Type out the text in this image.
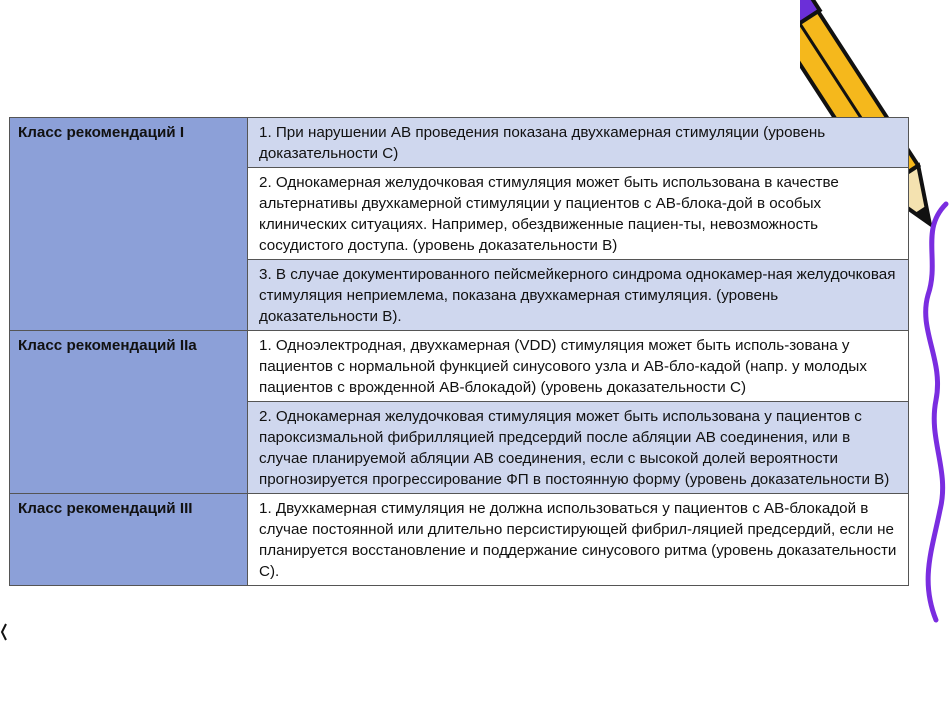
Класс рекомендаций I	1. При нарушении АВ проведения показана двухкамерная стимуляции (уровень доказательности С)
	2. Однокамерная желудочковая стимуляция может быть использована в качестве альтернативы двухкамерной стимуляции у пациентов с АВ-блока-дой в особых клинических ситуациях. Например, обездвиженные пациен-ты, невозможность сосудистого доступа. (уровень доказательности В)
	3. В случае документированного пейсмейкерного синдрома однокамер-ная желудочковая стимуляция неприемлема, показана двухкамерная стимуляция. (уровень доказательности В).
Класс рекомендаций IIa	1. Одноэлектродная, двухкамерная (VDD) стимуляция может быть исполь-зована у пациентов с нормальной функцией синусового узла и АВ-бло-кадой (напр. у молодых пациентов с врожденной АВ-блокадой) (уровень доказательности С)
	2. Однокамерная желудочковая стимуляция может быть использована у пациентов с пароксизмальной фибрилляцией предсердий после абляции АВ соединения, или в случае планируемой абляции АВ соединения, если с высокой долей вероятности прогнозируется прогрессирование ФП в постоянную форму (уровень доказательности В)
Класс рекомендаций III	1. Двухкамерная стимуляция не должна использоваться у пациентов с АВ-блокадой в случае постоянной или длительно персистирующей фибрил-ляцией предсердий, если не планируется восстановление и поддержание синусового ритма (уровень доказательности С).
